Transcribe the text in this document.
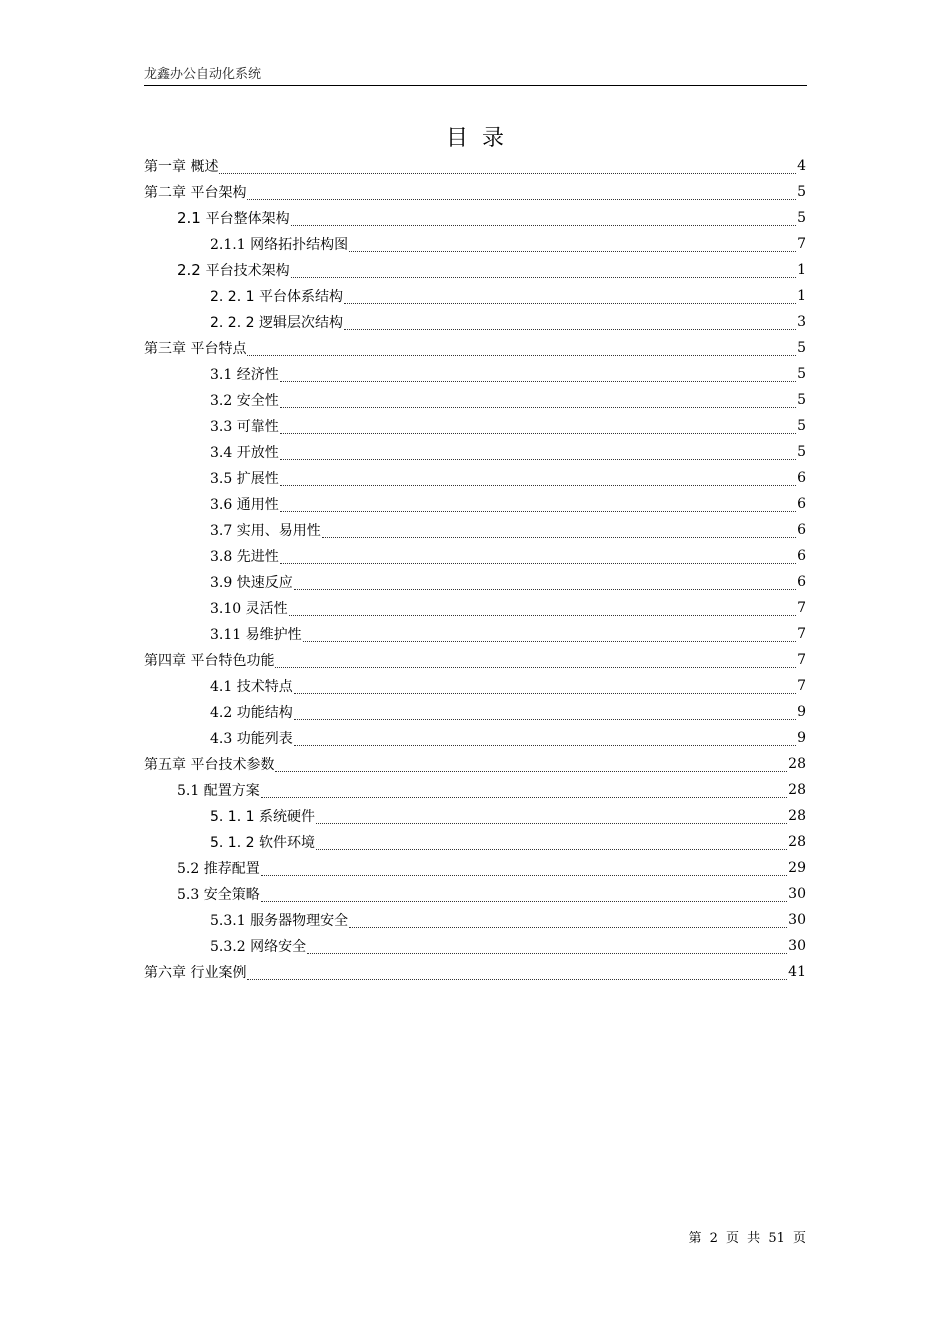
龙鑫办公自动化系统
目录
第一章 概述	4
第二章 平台架构	5
2.1 平台整体架构	5
2.1.1 网络拓扑结构图	7
2.2 平台技术架构	1
2. 2. 1 平台体系结构	1
2. 2. 2 逻辑层次结构	3
第三章 平台特点	5
3.1 经济性	5
3.2 安全性	5
3.3 可靠性	5
3.4 开放性	5
3.5 扩展性	6
3.6 通用性	6
3.7 实用、易用性	6
3.8 先进性	6
3.9 快速反应	6
3.10 灵活性	7
3.11 易维护性	7
第四章 平台特色功能	7
4.1 技术特点	7
4.2 功能结构	9
4.3 功能列表	9
第五章 平台技术参数	28
5.1 配置方案	28
5. 1. 1 系统硬件	28
5. 1. 2 软件环境	28
5.2 推荐配置	29
5.3 安全策略	30
5.3.1 服务器物理安全	30
5.3.2 网络安全	30
第六章 行业案例	41
第 2 页 共 51 页
